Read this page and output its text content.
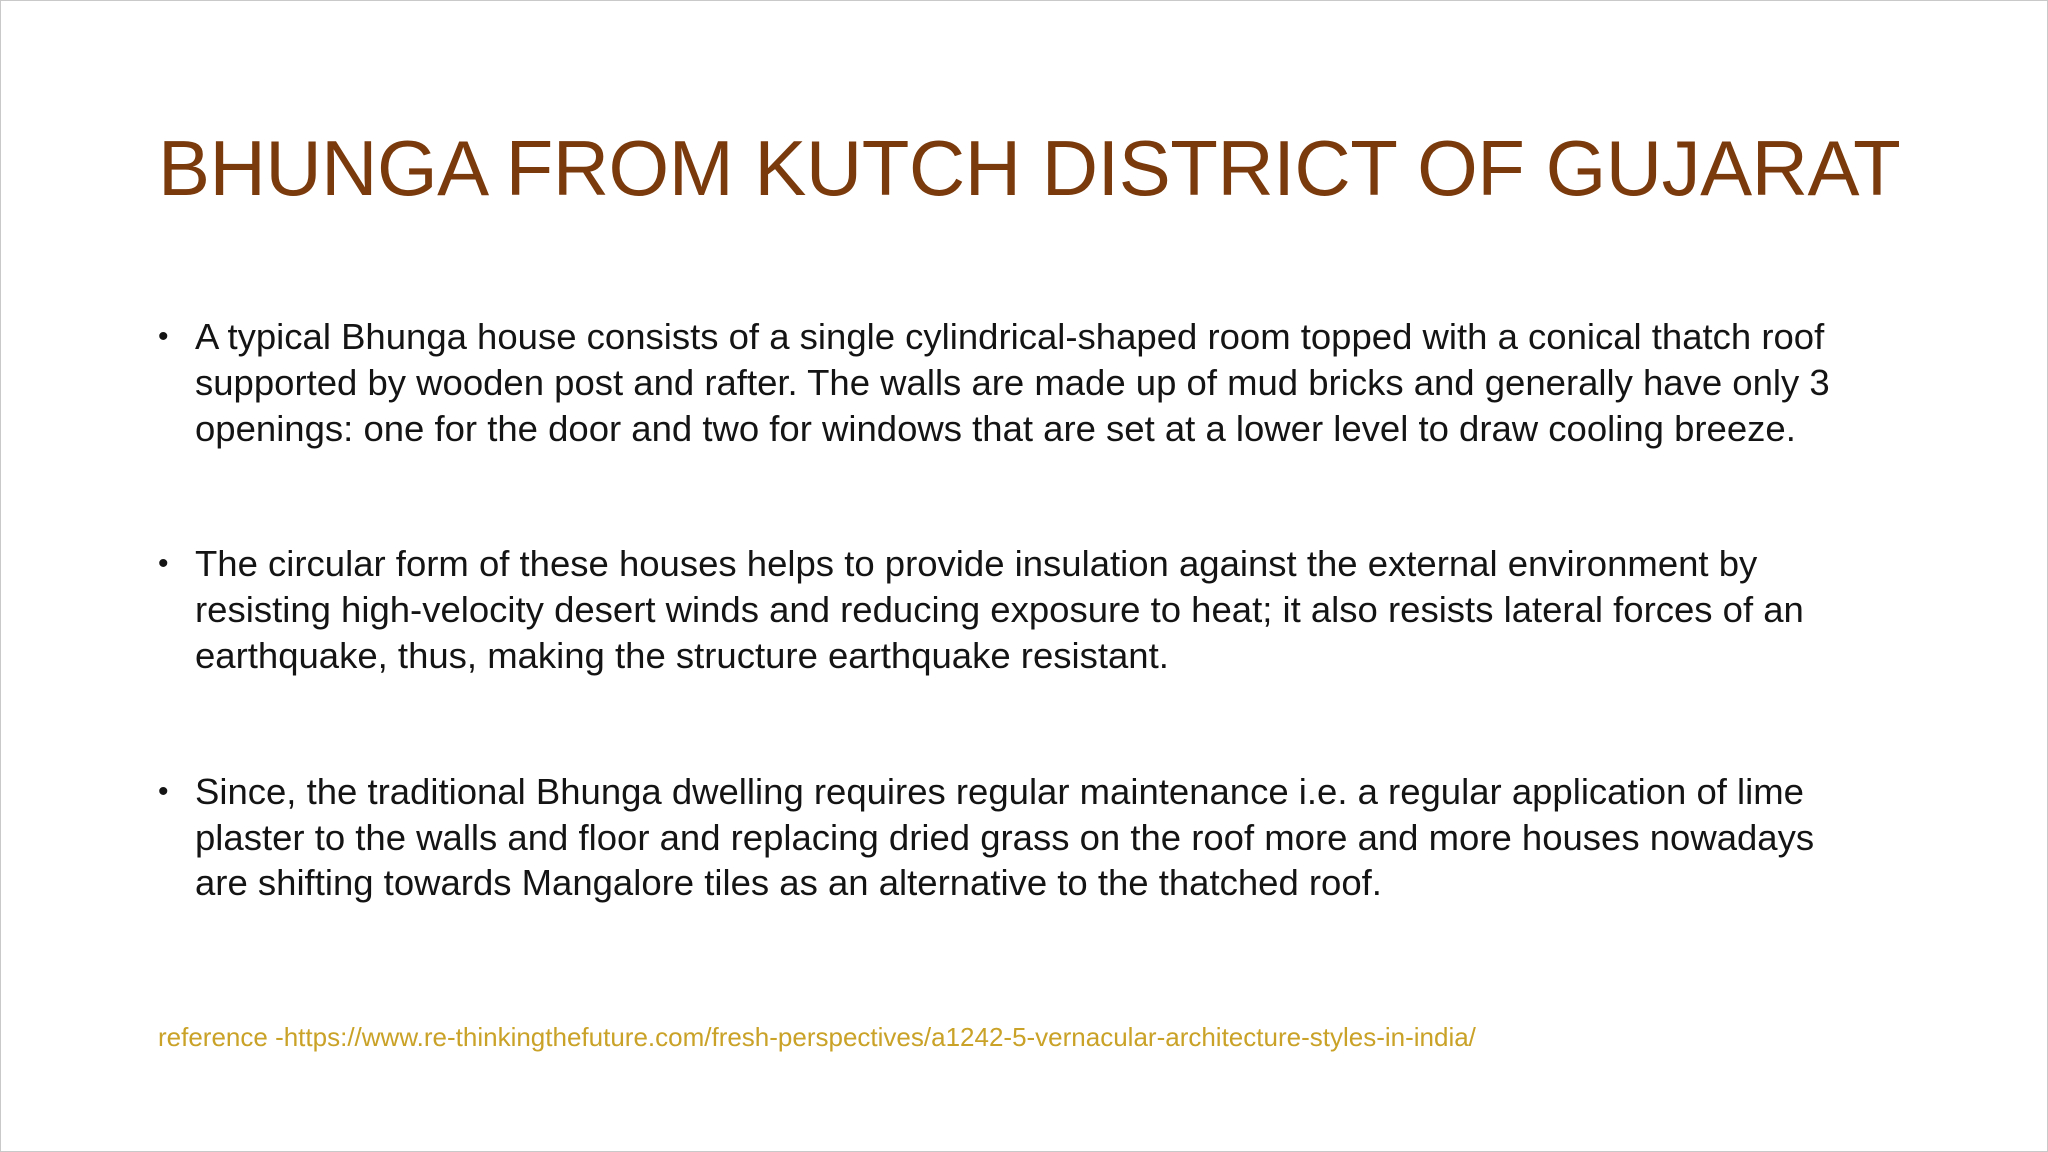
BHUNGA FROM KUTCH DISTRICT OF GUJARAT
• A typical Bhunga house consists of a single cylindrical-shaped room topped with a conical thatch roof supported by wooden post and rafter. The walls are made up of mud bricks and generally have only 3 openings: one for the door and two for windows that are set at a lower level to draw cooling breeze.
• The circular form of these houses helps to provide insulation against the external environment by resisting high-velocity desert winds and reducing exposure to heat; it also resists lateral forces of an earthquake, thus, making the structure earthquake resistant.
• Since, the traditional Bhunga dwelling requires regular maintenance i.e. a regular application of lime plaster to the walls and floor and replacing dried grass on the roof more and more houses nowadays are shifting towards Mangalore tiles as an alternative to the thatched roof.
reference -https://www.re-thinkingthefuture.com/fresh-perspectives/a1242-5-vernacular-architecture-styles-in-india/
